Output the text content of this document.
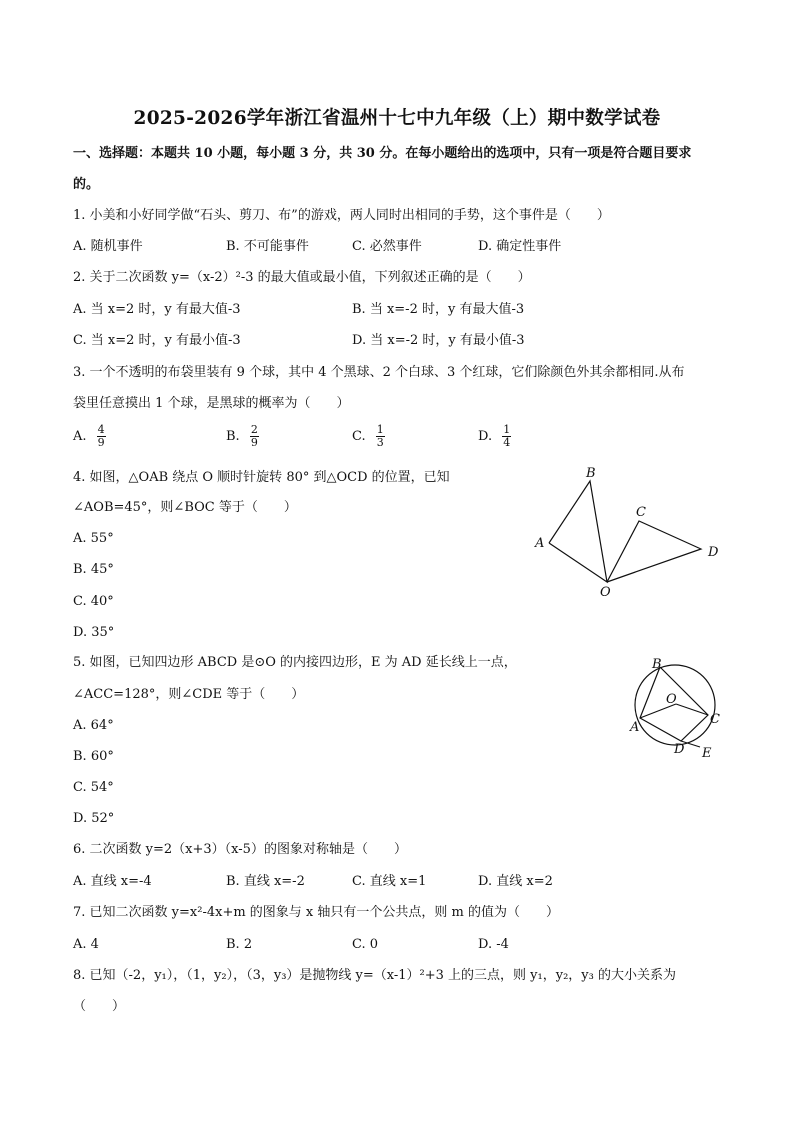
2025-2026学年浙江省温州十七中九年级（上）期中数学试卷
一、选择题：本题共 10 小题，每小题 3 分，共 30 分。在每小题给出的选项中，只有一项是符合题目要求
的。
1. 小美和小好同学做“石头、剪刀、布”的游戏，两人同时出相同的手势，这个事件是（　　）
A. 随机事件	B. 不可能事件	C. 必然事件	D. 确定性事件
2. 关于二次函数 y=（x-2）²-3 的最大值或最小值，下列叙述正确的是（　　）
A. 当 x=2 时，y 有最大值-3	B. 当 x=-2 时，y 有最大值-3
C. 当 x=2 时，y 有最小值-3	D. 当 x=-2 时，y 有最小值-3
3. 一个不透明的布袋里装有 9 个球，其中 4 个黑球、2 个白球、3 个红球，它们除颜色外其余都相同.从布
袋里任意摸出 1 个球，是黑球的概率为（　　）
A. $\frac{4}{9}$	B. $\frac{2}{9}$	C. $\frac{1}{3}$	D. $\frac{1}{4}$
4. 如图，△OAB 绕点 O 顺时针旋转 80° 到△OCD 的位置，已知
∠AOB=45°，则∠BOC 等于（　　）
A. 55°
B. 45°
C. 40°
D. 35°
B
A
C
D
O
5. 如图，已知四边形 ABCD 是⊙O 的内接四边形，E 为 AD 延长线上一点，
∠ACC=128°，则∠CDE 等于（　　）
A. 64°
B. 60°
C. 54°
D. 52°
B
O
A
C
D E
6. 二次函数 y=2（x+3）（x-5）的图象对称轴是（　　）
A. 直线 x=-4	B. 直线 x=-2	C. 直线 x=1	D. 直线 x=2
7. 已知二次函数 y=x²-4x+m 的图象与 x 轴只有一个公共点，则 m 的值为（　　）
A. 4	B. 2	C. 0	D. -4
8. 已知（-2，y₁），（1，y₂），（3，y₃）是抛物线 y=（x-1）²+3 上的三点，则 y₁，y₂，y₃ 的大小关系为
（　　）
